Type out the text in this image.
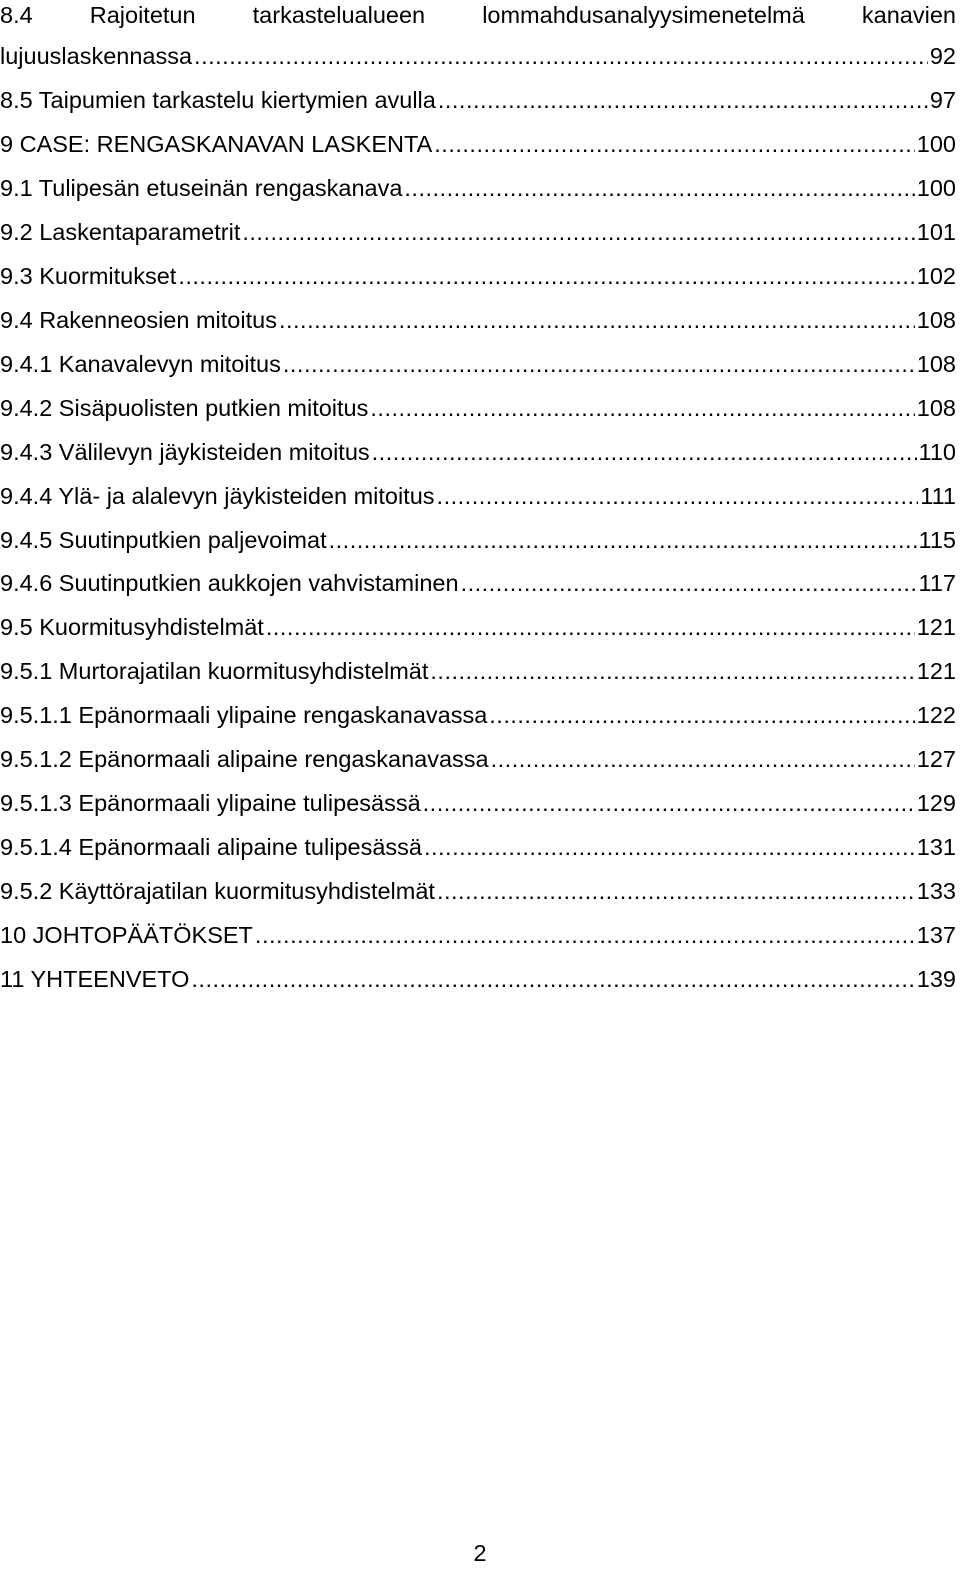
8.4 Rajoitetun tarkastelualueen lommahdusanalyysimenetelmä kanavien
lujuuslaskennassa .....	92
8.5 Taipumien tarkastelu kiertymien avulla .....	97
9 CASE: RENGASKANAVAN LASKENTA .....	100
9.1 Tulipesän etuseinän rengaskanava .....	100
9.2 Laskentaparametrit .....	101
9.3 Kuormitukset .....	102
9.4 Rakenneosien mitoitus .....	108
9.4.1 Kanavalevyn mitoitus .....	108
9.4.2 Sisäpuolisten putkien mitoitus .....	108
9.4.3 Välilevyn jäykisteiden mitoitus .....	110
9.4.4 Ylä- ja alalevyn jäykisteiden mitoitus .....	111
9.4.5 Suutinputkien paljevoimat .....	115
9.4.6 Suutinputkien aukkojen vahvistaminen .....	117
9.5 Kuormitusyhdistelmät .....	121
9.5.1 Murtorajatilan kuormitusyhdistelmät .....	121
9.5.1.1 Epänormaali ylipaine rengaskanavassa .....	122
9.5.1.2 Epänormaali alipaine rengaskanavassa .....	127
9.5.1.3 Epänormaali ylipaine tulipesässä .....	129
9.5.1.4 Epänormaali alipaine tulipesässä .....	131
9.5.2 Käyttörajatilan kuormitusyhdistelmät .....	133
10 JOHTOPÄÄTÖKSET .....	137
11 YHTEENVETO .....	139
2
